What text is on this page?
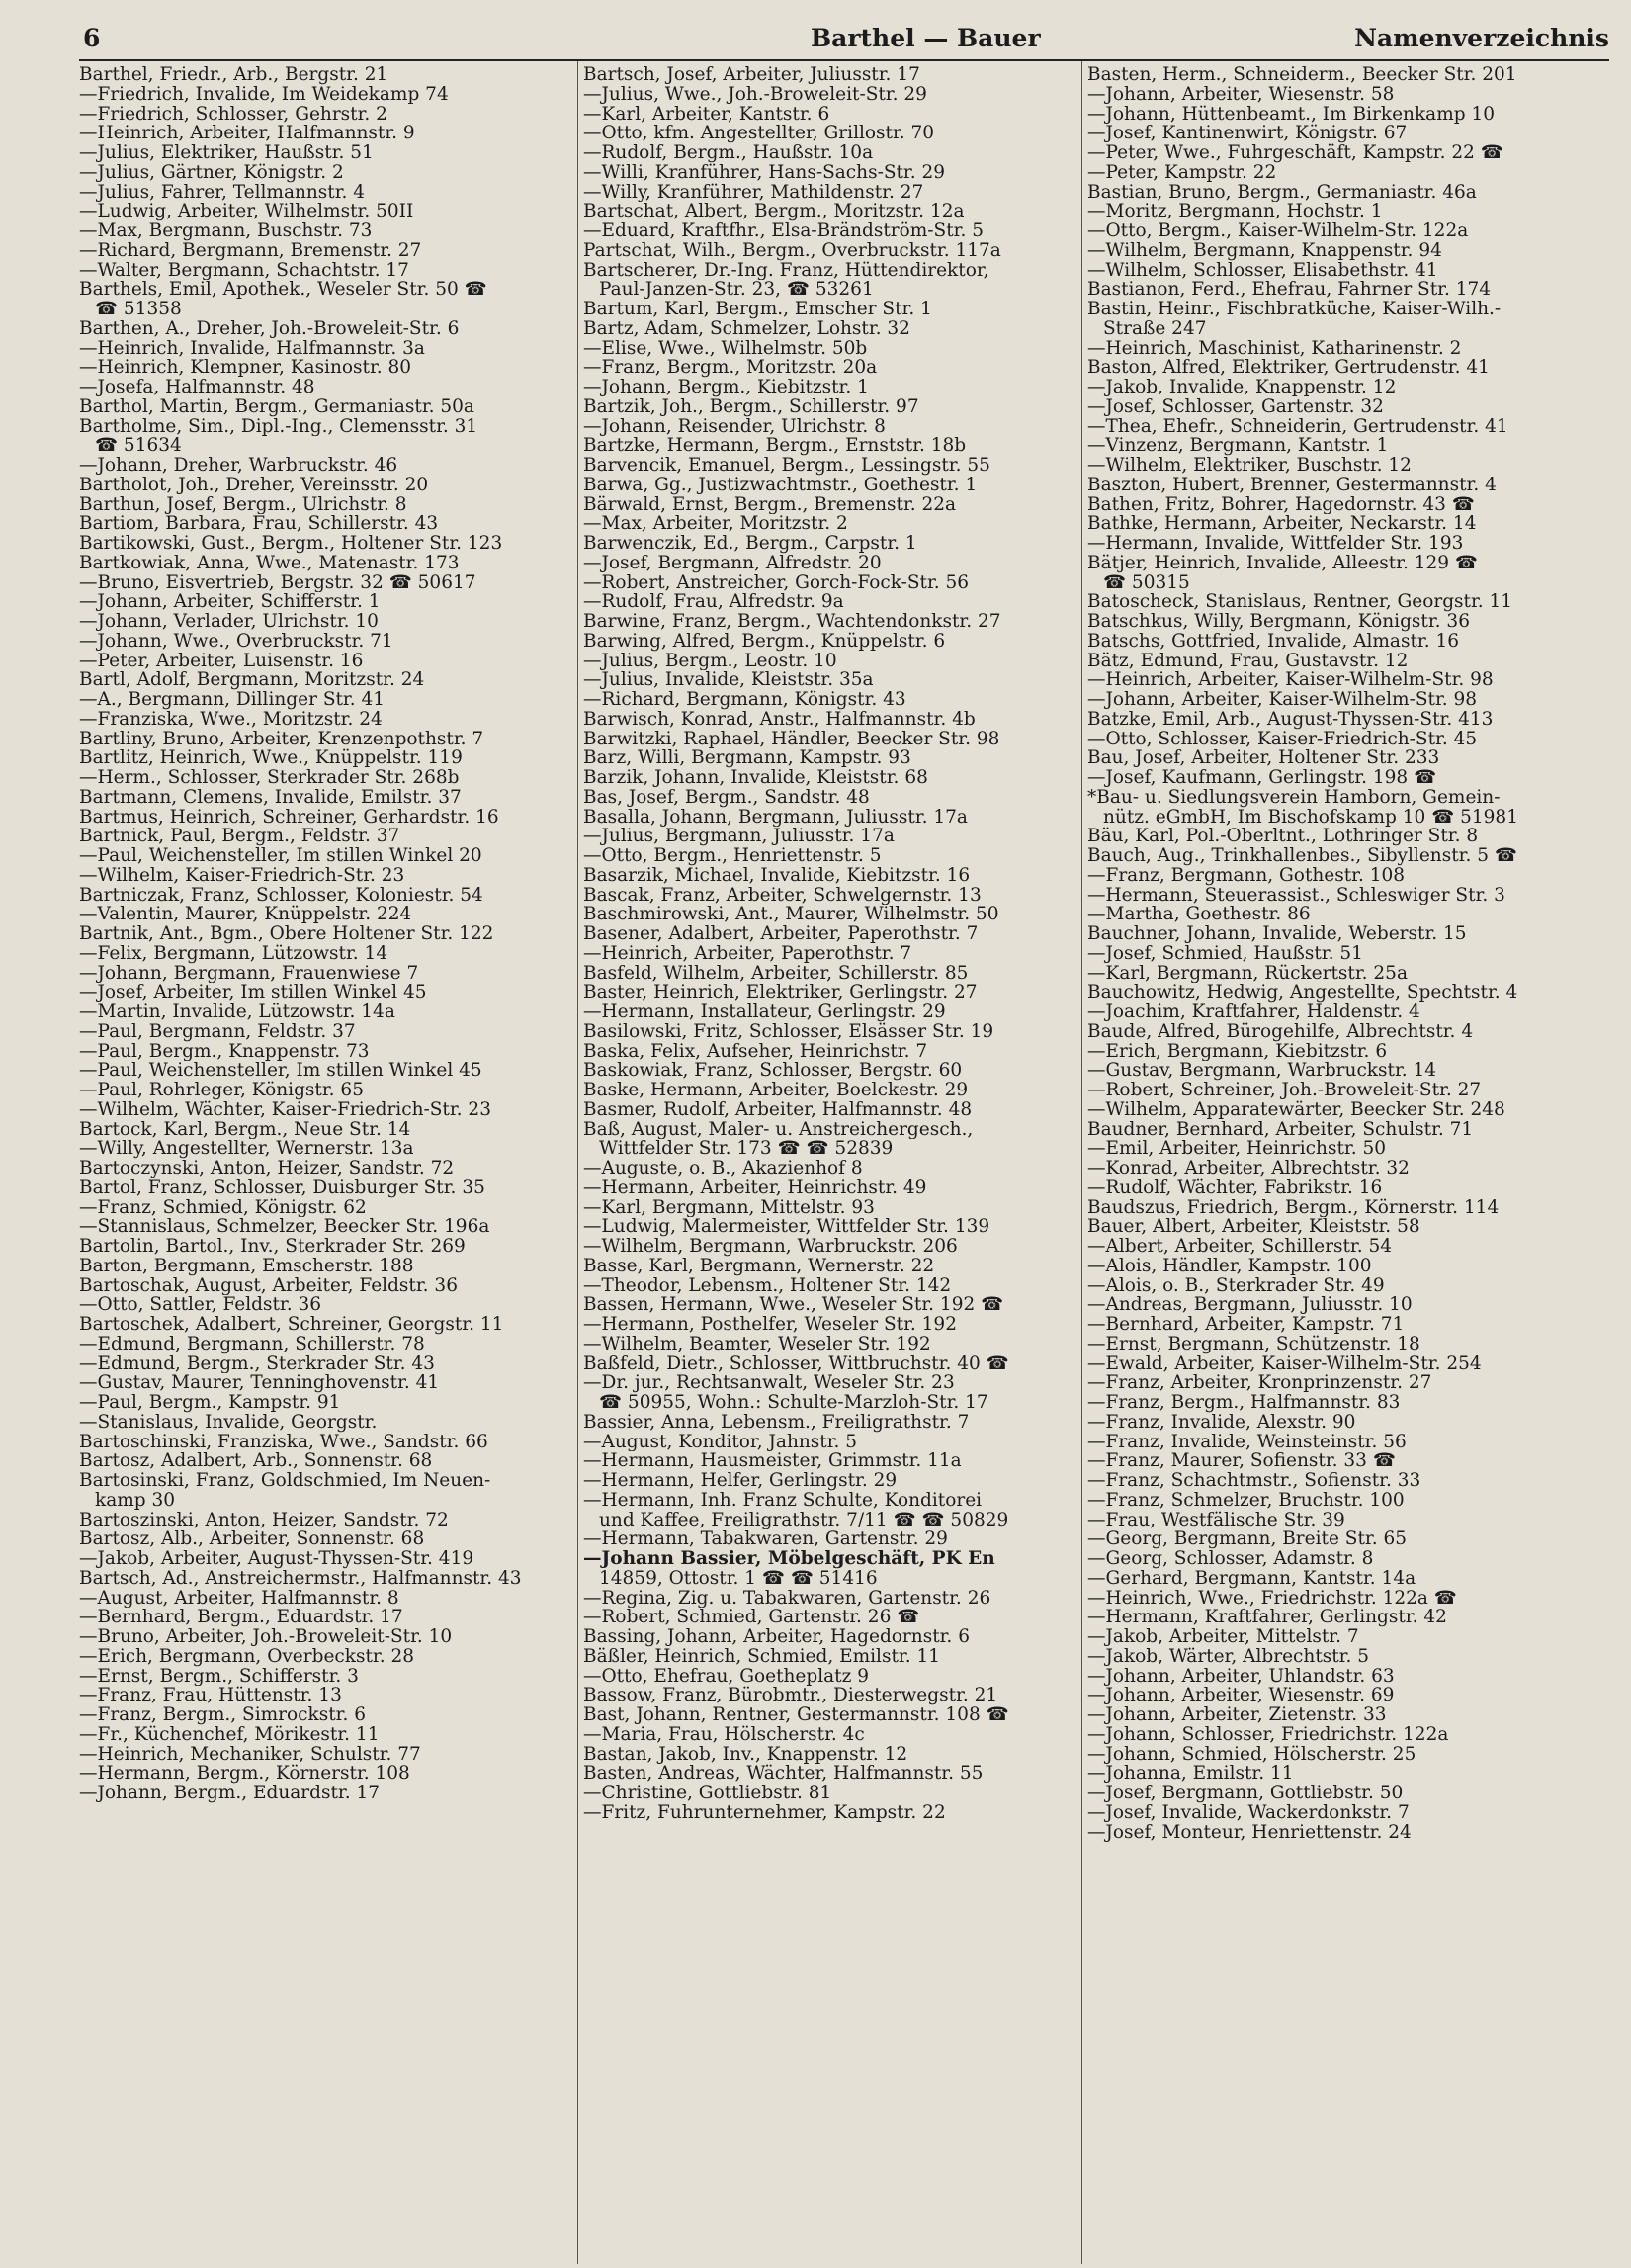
6	Barthel — Bauer	Namenverzeichnis
Barthel, Friedr., Arb., Bergstr. 21
—Friedrich, Invalide, Im Weidekamp 74
—Friedrich, Schlosser, Gehrstr. 2
—Heinrich, Arbeiter, Halfmannstr. 9
—Julius, Elektriker, Haußstr. 51
—Julius, Gärtner, Königstr. 2
—Julius, Fahrer, Tellmannstr. 4
—Ludwig, Arbeiter, Wilhelmstr. 50II
—Max, Bergmann, Buschstr. 73
—Richard, Bergmann, Bremenstr. 27
—Walter, Bergmann, Schachtstr. 17
Barthels, Emil, Apothek., Weseler Str. 50 ☎
☎ 51358
Barthen, A., Dreher, Joh.-Broweleit-Str. 6
—Heinrich, Invalide, Halfmannstr. 3a
—Heinrich, Klempner, Kasinostr. 80
—Josefa, Halfmannstr. 48
Barthol, Martin, Bergm., Germaniastr. 50a
Bartholme, Sim., Dipl.-Ing., Clemensstr. 31
☎ 51634
—Johann, Dreher, Warbruckstr. 46
Bartholot, Joh., Dreher, Vereinsstr. 20
Barthun, Josef, Bergm., Ulrichstr. 8
Bartiom, Barbara, Frau, Schillerstr. 43
Bartikowski, Gust., Bergm., Holtener Str. 123
Bartkowiak, Anna, Wwe., Matenastr. 173
—Bruno, Eisvertrieb, Bergstr. 32 ☎ 50617
—Johann, Arbeiter, Schifferstr. 1
—Johann, Verlader, Ulrichstr. 10
—Johann, Wwe., Overbruckstr. 71
—Peter, Arbeiter, Luisenstr. 16
Bartl, Adolf, Bergmann, Moritzstr. 24
—A., Bergmann, Dillinger Str. 41
—Franziska, Wwe., Moritzstr. 24
Bartliny, Bruno, Arbeiter, Krenzenpothstr. 7
Bartlitz, Heinrich, Wwe., Knüppelstr. 119
—Herm., Schlosser, Sterkrader Str. 268b
Bartmann, Clemens, Invalide, Emilstr. 37
Bartmus, Heinrich, Schreiner, Gerhardstr. 16
Bartnick, Paul, Bergm., Feldstr. 37
—Paul, Weichensteller, Im stillen Winkel 20
—Wilhelm, Kaiser-Friedrich-Str. 23
Bartniczak, Franz, Schlosser, Koloniestr. 54
—Valentin, Maurer, Knüppelstr. 224
Bartnik, Ant., Bgm., Obere Holtener Str. 122
—Felix, Bergmann, Lützowstr. 14
—Johann, Bergmann, Frauenwiese 7
—Josef, Arbeiter, Im stillen Winkel 45
—Martin, Invalide, Lützowstr. 14a
—Paul, Bergmann, Feldstr. 37
—Paul, Bergm., Knappenstr. 73
—Paul, Weichensteller, Im stillen Winkel 45
—Paul, Rohrleger, Königstr. 65
—Wilhelm, Wächter, Kaiser-Friedrich-Str. 23
Bartock, Karl, Bergm., Neue Str. 14
—Willy, Angestellter, Wernerstr. 13a
Bartoczynski, Anton, Heizer, Sandstr. 72
Bartol, Franz, Schlosser, Duisburger Str. 35
—Franz, Schmied, Königstr. 62
—Stannislaus, Schmelzer, Beecker Str. 196a
Bartolin, Bartol., Inv., Sterkrader Str. 269
Barton, Bergmann, Emscherstr. 188
Bartoschak, August, Arbeiter, Feldstr. 36
—Otto, Sattler, Feldstr. 36
Bartoschek, Adalbert, Schreiner, Georgstr. 11
—Edmund, Bergmann, Schillerstr. 78
—Edmund, Bergm., Sterkrader Str. 43
—Gustav, Maurer, Tenninghovenstr. 41
—Paul, Bergm., Kampstr. 91
—Stanislaus, Invalide, Georgstr.
Bartoschinski, Franziska, Wwe., Sandstr. 66
Bartosz, Adalbert, Arb., Sonnenstr. 68
Bartosinski, Franz, Goldschmied, Im Neuen-
kamp 30
Bartoszinski, Anton, Heizer, Sandstr. 72
Bartosz, Alb., Arbeiter, Sonnenstr. 68
—Jakob, Arbeiter, August-Thyssen-Str. 419
Bartsch, Ad., Anstreichermstr., Halfmannstr. 43
—August, Arbeiter, Halfmannstr. 8
—Bernhard, Bergm., Eduardstr. 17
—Bruno, Arbeiter, Joh.-Broweleit-Str. 10
—Erich, Bergmann, Overbeckstr. 28
—Ernst, Bergm., Schifferstr. 3
—Franz, Frau, Hüttenstr. 13
—Franz, Bergm., Simrockstr. 6
—Fr., Küchenchef, Mörikestr. 11
—Heinrich, Mechaniker, Schulstr. 77
—Hermann, Bergm., Körnerstr. 108
—Johann, Bergm., Eduardstr. 17
Bartsch, Josef, Arbeiter, Juliusstr. 17
—Julius, Wwe., Joh.-Broweleit-Str. 29
—Karl, Arbeiter, Kantstr. 6
—Otto, kfm. Angestellter, Grillostr. 70
—Rudolf, Bergm., Haußstr. 10a
—Willi, Kranführer, Hans-Sachs-Str. 29
—Willy, Kranführer, Mathildenstr. 27
Bartschat, Albert, Bergm., Moritzstr. 12a
—Eduard, Kraftfhr., Elsa-Brändström-Str. 5
Partschat, Wilh., Bergm., Overbruckstr. 117a
Bartscherer, Dr.-Ing. Franz, Hüttendirektor,
Paul-Janzen-Str. 23, ☎ 53261
Bartum, Karl, Bergm., Emscher Str. 1
Bartz, Adam, Schmelzer, Lohstr. 32
—Elise, Wwe., Wilhelmstr. 50b
—Franz, Bergm., Moritzstr. 20a
—Johann, Bergm., Kiebitzstr. 1
Bartzik, Joh., Bergm., Schillerstr. 97
—Johann, Reisender, Ulrichstr. 8
Bartzke, Hermann, Bergm., Ernststr. 18b
Barvencik, Emanuel, Bergm., Lessingstr. 55
Barwa, Gg., Justizwachtmstr., Goethestr. 1
Bärwald, Ernst, Bergm., Bremenstr. 22a
—Max, Arbeiter, Moritzstr. 2
Barwenczik, Ed., Bergm., Carpstr. 1
—Josef, Bergmann, Alfredstr. 20
—Robert, Anstreicher, Gorch-Fock-Str. 56
—Rudolf, Frau, Alfredstr. 9a
Barwine, Franz, Bergm., Wachtendonkstr. 27
Barwing, Alfred, Bergm., Knüppelstr. 6
—Julius, Bergm., Leostr. 10
—Julius, Invalide, Kleiststr. 35a
—Richard, Bergmann, Königstr. 43
Barwisch, Konrad, Anstr., Halfmannstr. 4b
Barwitzki, Raphael, Händler, Beecker Str. 98
Barz, Willi, Bergmann, Kampstr. 93
Barzik, Johann, Invalide, Kleiststr. 68
Bas, Josef, Bergm., Sandstr. 48
Basalla, Johann, Bergmann, Juliusstr. 17a
—Julius, Bergmann, Juliusstr. 17a
—Otto, Bergm., Henriettenstr. 5
Basarzik, Michael, Invalide, Kiebitzstr. 16
Bascak, Franz, Arbeiter, Schwelgernstr. 13
Baschmirowski, Ant., Maurer, Wilhelmstr. 50
Basener, Adalbert, Arbeiter, Paperothstr. 7
—Heinrich, Arbeiter, Paperothstr. 7
Basfeld, Wilhelm, Arbeiter, Schillerstr. 85
Baster, Heinrich, Elektriker, Gerlingstr. 27
—Hermann, Installateur, Gerlingstr. 29
Basilowski, Fritz, Schlosser, Elsässer Str. 19
Baska, Felix, Aufseher, Heinrichstr. 7
Baskowiak, Franz, Schlosser, Bergstr. 60
Baske, Hermann, Arbeiter, Boelckestr. 29
Basmer, Rudolf, Arbeiter, Halfmannstr. 48
Baß, August, Maler- u. Anstreichergesch.,
Wittfelder Str. 173 ☎ ☎ 52839
—Auguste, o. B., Akazienhof 8
—Hermann, Arbeiter, Heinrichstr. 49
—Karl, Bergmann, Mittelstr. 93
—Ludwig, Malermeister, Wittfelder Str. 139
—Wilhelm, Bergmann, Warbruckstr. 206
Basse, Karl, Bergmann, Wernerstr. 22
—Theodor, Lebensm., Holtener Str. 142
Bassen, Hermann, Wwe., Weseler Str. 192 ☎
—Hermann, Posthelfer, Weseler Str. 192
—Wilhelm, Beamter, Weseler Str. 192
Baßfeld, Dietr., Schlosser, Wittbruchstr. 40 ☎
—Dr. jur., Rechtsanwalt, Weseler Str. 23
☎ 50955, Wohn.: Schulte-Marzloh-Str. 17
Bassier, Anna, Lebensm., Freiligrathstr. 7
—August, Konditor, Jahnstr. 5
—Hermann, Hausmeister, Grimmstr. 11a
—Hermann, Helfer, Gerlingstr. 29
—Hermann, Inh. Franz Schulte, Konditorei
und Kaffee, Freiligrathstr. 7/11 ☎ ☎ 50829
—Hermann, Tabakwaren, Gartenstr. 29
—Johann Bassier, Möbelgeschäft, PK En
14859, Ottostr. 1 ☎ ☎ 51416
—Regina, Zig. u. Tabakwaren, Gartenstr. 26
—Robert, Schmied, Gartenstr. 26 ☎
Bassing, Johann, Arbeiter, Hagedornstr. 6
Bäßler, Heinrich, Schmied, Emilstr. 11
—Otto, Ehefrau, Goetheplatz 9
Bassow, Franz, Bürobmtr., Diesterwegstr. 21
Bast, Johann, Rentner, Gestermannstr. 108 ☎
—Maria, Frau, Hölscherstr. 4c
Bastan, Jakob, Inv., Knappenstr. 12
Basten, Andreas, Wächter, Halfmannstr. 55
—Christine, Gottliebstr. 81
—Fritz, Fuhrunternehmer, Kampstr. 22
Basten, Herm., Schneiderm., Beecker Str. 201
—Johann, Arbeiter, Wiesenstr. 58
—Johann, Hüttenbeamt., Im Birkenkamp 10
—Josef, Kantinenwirt, Königstr. 67
—Peter, Wwe., Fuhrgeschäft, Kampstr. 22 ☎
—Peter, Kampstr. 22
Bastian, Bruno, Bergm., Germaniastr. 46a
—Moritz, Bergmann, Hochstr. 1
—Otto, Bergm., Kaiser-Wilhelm-Str. 122a
—Wilhelm, Bergmann, Knappenstr. 94
—Wilhelm, Schlosser, Elisabethstr. 41
Bastianon, Ferd., Ehefrau, Fahrner Str. 174
Bastin, Heinr., Fischbratküche, Kaiser-Wilh.-
Straße 247
—Heinrich, Maschinist, Katharinenstr. 2
Baston, Alfred, Elektriker, Gertrudenstr. 41
—Jakob, Invalide, Knappenstr. 12
—Josef, Schlosser, Gartenstr. 32
—Thea, Ehefr., Schneiderin, Gertrudenstr. 41
—Vinzenz, Bergmann, Kantstr. 1
—Wilhelm, Elektriker, Buschstr. 12
Baszton, Hubert, Brenner, Gestermannstr. 4
Bathen, Fritz, Bohrer, Hagedornstr. 43 ☎
Bathke, Hermann, Arbeiter, Neckarstr. 14
—Hermann, Invalide, Wittfelder Str. 193
Bätjer, Heinrich, Invalide, Alleestr. 129 ☎
☎ 50315
Batoscheck, Stanislaus, Rentner, Georgstr. 11
Batschkus, Willy, Bergmann, Königstr. 36
Batschs, Gottfried, Invalide, Almastr. 16
Bätz, Edmund, Frau, Gustavstr. 12
—Heinrich, Arbeiter, Kaiser-Wilhelm-Str. 98
—Johann, Arbeiter, Kaiser-Wilhelm-Str. 98
Batzke, Emil, Arb., August-Thyssen-Str. 413
—Otto, Schlosser, Kaiser-Friedrich-Str. 45
Bau, Josef, Arbeiter, Holtener Str. 233
—Josef, Kaufmann, Gerlingstr. 198 ☎
*Bau- u. Siedlungsverein Hamborn, Gemein-
nütz. eGmbH, Im Bischofskamp 10 ☎ 51981
Bäu, Karl, Pol.-Oberltnt., Lothringer Str. 8
Bauch, Aug., Trinkhallenbes., Sibyllenstr. 5 ☎
—Franz, Bergmann, Gothestr. 108
—Hermann, Steuerassist., Schleswiger Str. 3
—Martha, Goethestr. 86
Bauchner, Johann, Invalide, Weberstr. 15
—Josef, Schmied, Haußstr. 51
—Karl, Bergmann, Rückertstr. 25a
Bauchowitz, Hedwig, Angestellte, Spechtstr. 4
—Joachim, Kraftfahrer, Haldenstr. 4
Baude, Alfred, Bürogehilfe, Albrechtstr. 4
—Erich, Bergmann, Kiebitzstr. 6
—Gustav, Bergmann, Warbruckstr. 14
—Robert, Schreiner, Joh.-Broweleit-Str. 27
—Wilhelm, Apparatewärter, Beecker Str. 248
Baudner, Bernhard, Arbeiter, Schulstr. 71
—Emil, Arbeiter, Heinrichstr. 50
—Konrad, Arbeiter, Albrechtstr. 32
—Rudolf, Wächter, Fabrikstr. 16
Baudszus, Friedrich, Bergm., Körnerstr. 114
Bauer, Albert, Arbeiter, Kleiststr. 58
—Albert, Arbeiter, Schillerstr. 54
—Alois, Händler, Kampstr. 100
—Alois, o. B., Sterkrader Str. 49
—Andreas, Bergmann, Juliusstr. 10
—Bernhard, Arbeiter, Kampstr. 71
—Ernst, Bergmann, Schützenstr. 18
—Ewald, Arbeiter, Kaiser-Wilhelm-Str. 254
—Franz, Arbeiter, Kronprinzenstr. 27
—Franz, Bergm., Halfmannstr. 83
—Franz, Invalide, Alexstr. 90
—Franz, Invalide, Weinsteinstr. 56
—Franz, Maurer, Sofienstr. 33 ☎
—Franz, Schachtmstr., Sofienstr. 33
—Franz, Schmelzer, Bruchstr. 100
—Frau, Westfälische Str. 39
—Georg, Bergmann, Breite Str. 65
—Georg, Schlosser, Adamstr. 8
—Gerhard, Bergmann, Kantstr. 14a
—Heinrich, Wwe., Friedrichstr. 122a ☎
—Hermann, Kraftfahrer, Gerlingstr. 42
—Jakob, Arbeiter, Mittelstr. 7
—Jakob, Wärter, Albrechtstr. 5
—Johann, Arbeiter, Uhlandstr. 63
—Johann, Arbeiter, Wiesenstr. 69
—Johann, Arbeiter, Zietenstr. 33
—Johann, Schlosser, Friedrichstr. 122a
—Johann, Schmied, Hölscherstr. 25
—Johanna, Emilstr. 11
—Josef, Bergmann, Gottliebstr. 50
—Josef, Invalide, Wackerdonkstr. 7
—Josef, Monteur, Henriettenstr. 24
